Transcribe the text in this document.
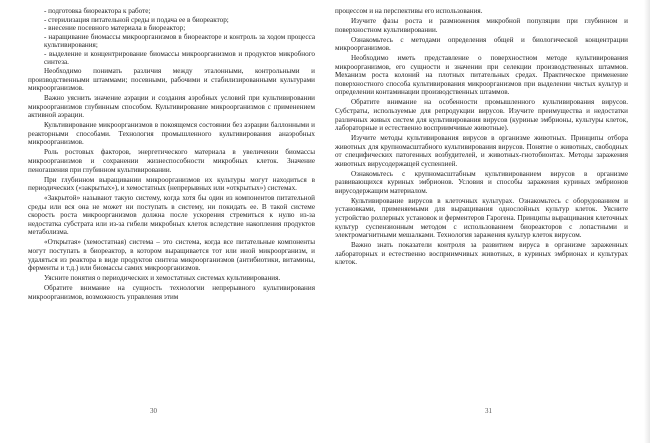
- подготовка биореактора к работе;

- стерилизация питательной среды и подача ее в биореактор;

- внесение посевного материала в биореактор;

- наращивание биомассы микроорганизмов в биореакторе и контроль за ходом процесса культивирования;

- выделение и концентрирование биомассы микроорганизмов и продуктов микробного синтеза.

Необходимо понимать различия между эталонными, контрольными и производственными штаммами; посевными, рабочими и стабилизированными культурами микроорганизмов.

Важно уяснить значение аэрации и создания аэробных условий при культивировании микроорганизмов глубинным способом. Культивирование микроорганизмов с применением активной аэрации.

Культивирование микроорганизмов в покоящемся состоянии без аэрации баллонными и реакторными способами. Технология промышленного культивирования анаэробных микроорганизмов.

Роль ростовых факторов, энергетического материала в увеличении биомассы микроорганизмов и сохранении жизнеспособности микробных клеток. Значение пеногашения при глубинном культивировании.

При глубинном выращивании микроорганизмов их культуры могут находиться в периодических («закрытых»), и хемостатных (непрерывных или «открытых») системах.

«Закрытой» называют такую систему, когда хотя бы один из компонентов питательной среды или вся она не может ни поступать в систему, ни покидать ее. В такой системе скорость роста микроорганизмов должна после ускорения стремиться к нулю из-за недостатка субстрата или из-за гибели микробных клеток вследствие накопления продуктов метаболизма.

«Открытая» (хемостатная) система – это система, когда все питательные компоненты могут поступать в биореактор, в котором выращивается тот или иной микроорганизм, и удаляться из реактора в виде продуктов синтеза микроорганизмов (антибиотики, витамины, ферменты и т.д.) или биомассы самих микроорганизмов.

Уясните понятия о периодических и хемостатных системах культивирования.

Обратите внимание на сущность технологии непрерывного культивирования микроорганизмов, возможность управления этим

30

процессом и на перспективы его использования.

Изучите фазы роста и размножения микробной популяции при глубинном и поверхностном культивировании.

Ознакомьтесь с методами определения общей и биологической концентрации микроорганизмов.

Необходимо иметь представление о поверхностном методе культивирования микроорганизмов, его сущности и значении при селекции производственных штаммов. Механизм роста колоний на плотных питательных средах. Практическое применение поверхностного способа культивирования микроорганизмов при выделении чистых культур и определении контаминации производственных штаммов.

Обратите внимание на особенности промышленного культивирования вирусов. Субстраты, используемые для репродукции вирусов. Изучите преимущества и недостатки различных живых систем для культивирования вирусов (куриные эмбрионы, культуры клеток, лабораторные и естественно восприимчивые животные).

Изучите методы культивирования вирусов в организме животных. Принципы отбора животных для крупномасштабного культивирования вирусов. Понятие о животных, свободных от специфических патогенных возбудителей, и животных-гнотобионтах. Методы заражения животных вирусодержащей суспензией.

Ознакомьтесь с крупномасштабным культивированием вирусов в организме развивающихся куриных эмбрионов. Условия и способы заражения куриных эмбрионов вирусодержащим материалом.

Культивирование вирусов в клеточных культурах. Ознакомьтесь с оборудованием и установками, применяемыми для выращивания однослойных культур клеток. Уясните устройство роллерных установок и ферментеров Гарогена. Принципы выращивания клеточных культур суспензионным методом с использованием биореакторов с лопастными и электромагнитными мешалками. Технология заражения культур клеток вирусом.

Важно знать показатели контроля за развитием вируса в организме зараженных лабораторных и естественно восприимчивых животных, в куриных эмбрионах и культурах клеток.

31
